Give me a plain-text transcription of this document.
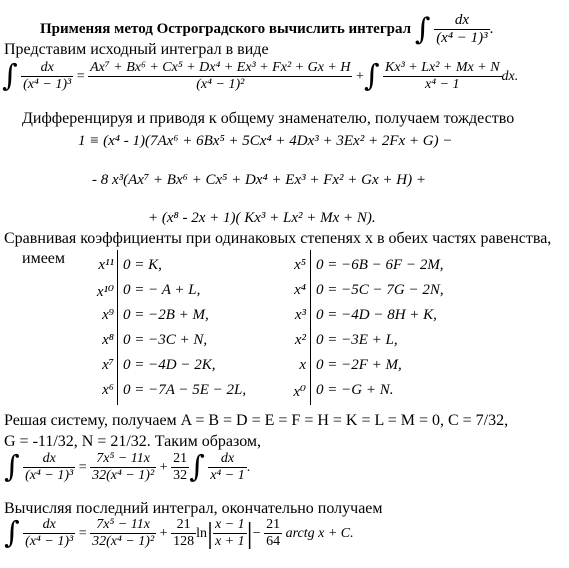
Применяя метод Остроградского вычислить интеграл ∫ $\frac{dx}{\text{(x⁴ − 1)³}}$ .
Представим исходный интеграл в виде
∫ $\frac{dx}{\text{(x⁴ − 1)³}} = \frac{\text{Ax⁷ + Bx⁶ + Cx⁵ + Dx⁴ + Ex³ + Fx² + Gx + H}}{\text{(x⁴ − 1)²}}$ +∫ $\frac{\text{Kx³ + Lx² + Mx + N}}{\text{x⁴ − 1}}$ dx.
Дифференцируя и приводя к общему знаменателю, получаем тождество
1 ≡ (x⁴ - 1)(7Ax⁶ + 6Bx⁵ + 5Cx⁴ + 4Dx³ + 3Ex² + 2Fx + G) −
- 8 x³(Ax⁷ + Bx⁶ + Cx⁵ + Dx⁴ + Ex³ + Fx² + Gx + H) +
+ (x⁸ - 2x + 1)( Kx³ + Lx² + Mx + N).
Сравнивая коэффициенты при одинаковых степенях x в обеих частях равенства,
имеем	x¹¹ 0 = K,
x¹⁰ 0 = − A + L,
x⁹ 0 = −2B + M,
x⁸ 0 = −3C + N,
x⁷ 0 = −4D − 2K,
x⁶ 0 = −7A − 5E − 2L,
x⁵ 0 = −6B − 6F − 2M,
x⁴ 0 = −5C − 7G − 2N,
x³ 0 = −4D − 8H + K,
x² 0 = −3E + L,
x 0 = −2F + M,
x⁰ 0 = −G + N.
Решая систему, получаем A = B = D = E = F = H = K = L = M = 0, C = 7/32,
G = -11/32, N = 21/32. Таким образом,
∫ $\frac{dx}{\text{(x⁴ − 1)³}} = \frac{\text{7x⁵ − 11x}}{\text{32(x⁴ − 1)²}} + \frac{21}{32}$ ∫ $\frac{dx}{\text{x⁴ − 1}}$ .
Вычисляя последний интеграл, окончательно получаем
∫ $\frac{dx}{\text{(x⁴ − 1)³}} = \frac{\text{7x⁵ − 11x}}{\text{32(x⁴ − 1)²}} + \frac{21}{128} \ln| \frac{x - 1}{x + 1}$ |− $\frac{21}{64}$ arctg x + C.
